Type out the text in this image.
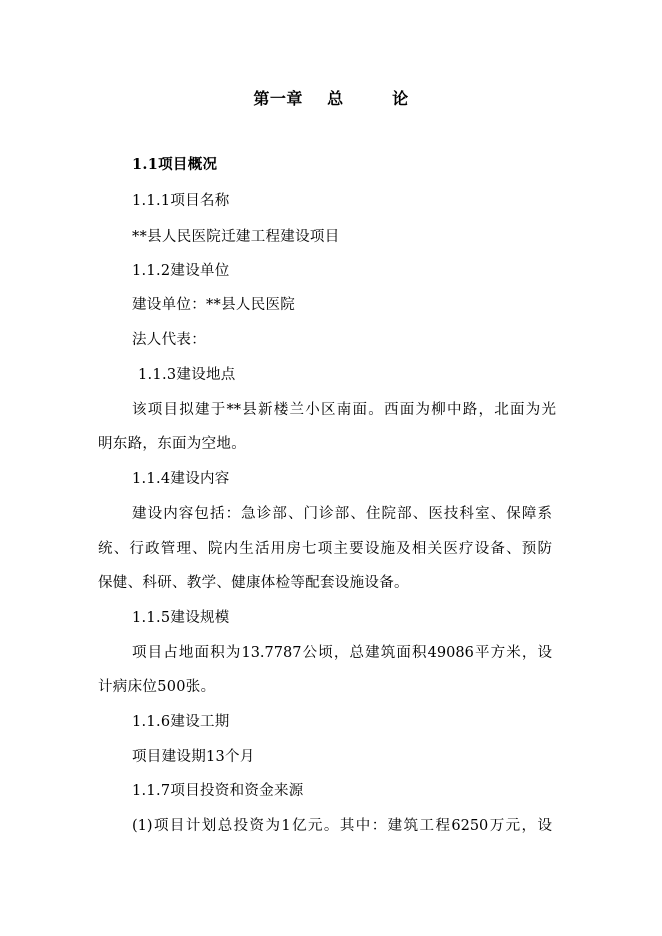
第一章    总        论
1.1项目概况
1.1.1项目名称
**县人民医院迁建工程建设项目
1.1.2建设单位
建设单位：**县人民医院
法人代表：
1.1.3建设地点
该项目拟建于**县新楼兰小区南面。西面为柳中路，北面为光
明东路，东面为空地。
1.1.4建设内容
建设内容包括：急诊部、门诊部、住院部、医技科室、保障系
统、行政管理、院内生活用房七项主要设施及相关医疗设备、预防
保健、科研、教学、健康体检等配套设施设备。
1.1.5建设规模
项目占地面积为13.7787公顷，总建筑面积49086平方米，设
计病床位500张。
1.1.6建设工期
项目建设期13个月
1.1.7项目投资和资金来源
(1)项目计划总投资为1亿元。其中：建筑工程6250万元，设
